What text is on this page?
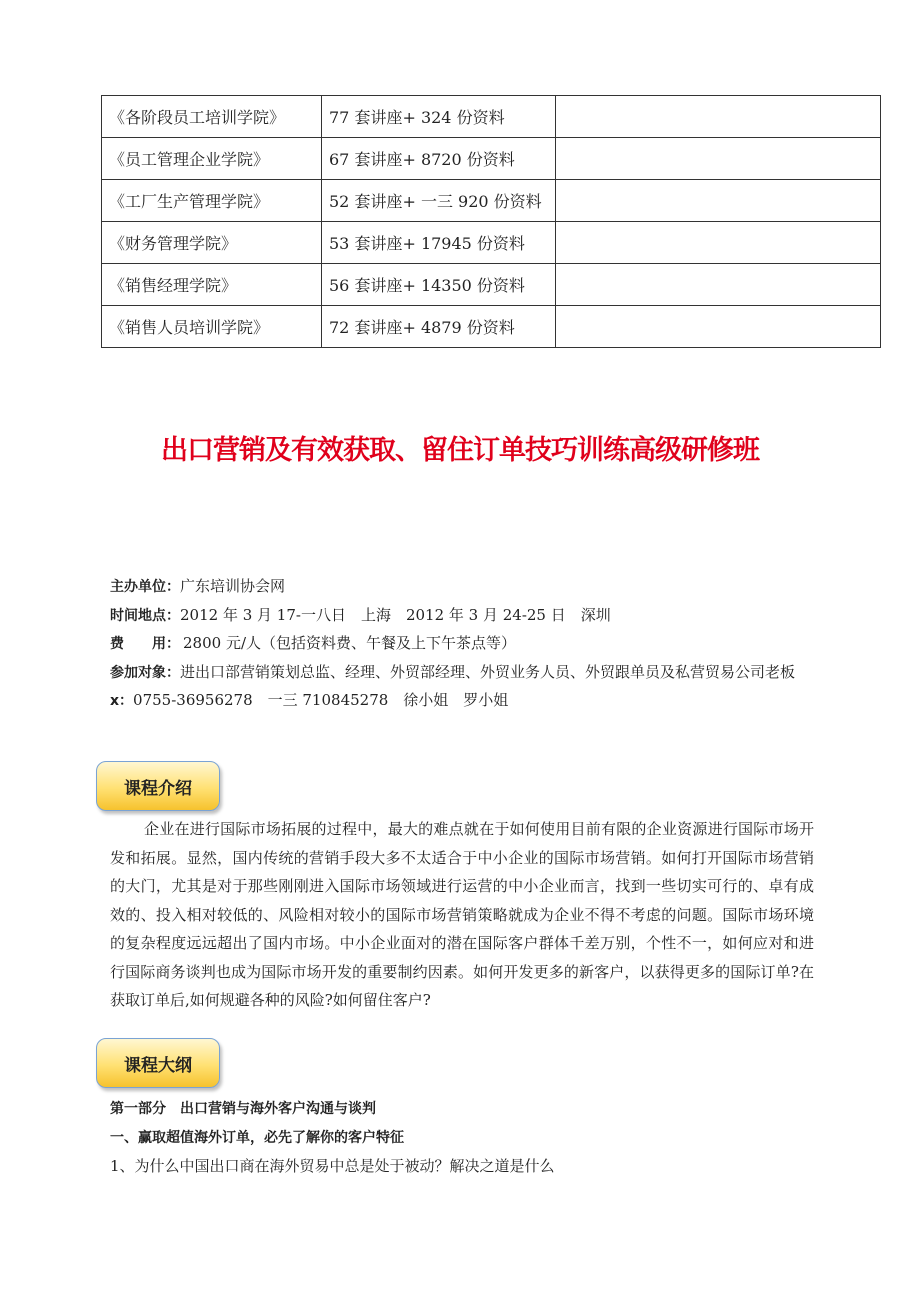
《各阶段员工培训学院》	77 套讲座+ 324 份资料	
《员工管理企业学院》	67 套讲座+ 8720 份资料	
《工厂生产管理学院》	52 套讲座+ 一三 920 份资料	
《财务管理学院》	53 套讲座+ 17945 份资料	
《销售经理学院》	56 套讲座+ 14350 份资料	
《销售人员培训学院》	72 套讲座+ 4879 份资料	
出口营销及有效获取、留住订单技巧训练高级研修班
主办单位：广东培训协会网
时间地点：2012 年 3 月 17-一八日　上海　2012 年 3 月 24-25 日　深圳
费　　用： 2800 元/人（包括资料费、午餐及上下午茶点等）
参加对象：进出口部营销策划总监、经理、外贸部经理、外贸业务人员、外贸跟单员及私营贸易公司老板
x：0755-36956278　一三 710845278　徐小姐　罗小姐
课程介绍

企业在进行国际市场拓展的过程中，最大的难点就在于如何使用目前有限的企业资源进行国际市场开发和拓展。显然，国内传统的营销手段大多不太适合于中小企业的国际市场营销。如何打开国际市场营销的大门，尤其是对于那些刚刚进入国际市场领域进行运营的中小企业而言，找到一些切实可行的、卓有成效的、投入相对较低的、风险相对较小的国际市场营销策略就成为企业不得不考虑的问题。国际市场环境的复杂程度远远超出了国内市场。中小企业面对的潜在国际客户群体千差万别，个性不一，如何应对和进行国际商务谈判也成为国际市场开发的重要制约因素。如何开发更多的新客户，以获得更多的国际订单?在获取订单后,如何规避各种的风险?如何留住客户?

课程大纲
第一部分　出口营销与海外客户沟通与谈判
一、赢取超值海外订单，必先了解你的客户特征
1、为什么中国出口商在海外贸易中总是处于被动？解决之道是什么
